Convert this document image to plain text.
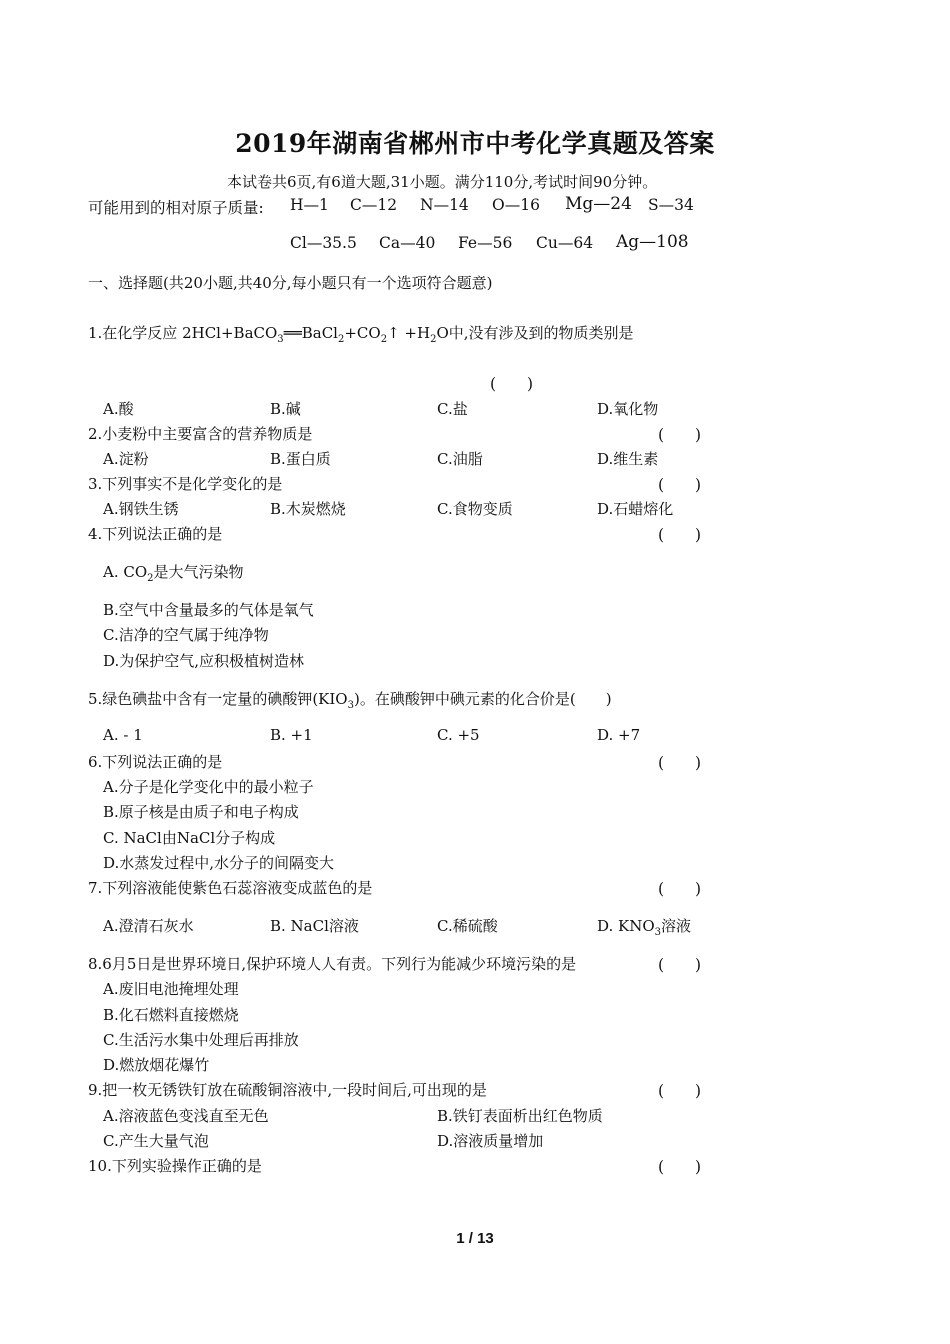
2019年湖南省郴州市中考化学真题及答案
本试卷共6页,有6道大题,31小题。满分110分,考试时间90分钟。
可能用到的相对原子质量: H—1 C—12 N—14 O—16 Mg—24 S—34
Cl—35.5 Ca—40 Fe—56 Cu—64 Ag—108
一、选择题(共20小题,共40分,每小题只有一个选项符合题意)
1.在化学反应 $2HCl+BaCO_3══BaCl_2+CO_2↑ +H_2O$中,没有涉及到的物质类别是
(　　)
A.酸	B.碱	C.盐	D.氧化物
2.小麦粉中主要富含的营养物质是	(　　)
A.淀粉	B.蛋白质	C.油脂	D.维生素
3.下列事实不是化学变化的是	(　　)
A.钢铁生锈	B.木炭燃烧	C.食物变质	D.石蜡熔化
4.下列说法正确的是	(　　)
A. $CO_2$是大气污染物
B.空气中含量最多的气体是氧气
C.洁净的空气属于纯净物
D.为保护空气,应积极植树造林
5.绿色碘盐中含有一定量的碘酸钾$(KIO_3)$。在碘酸钾中碘元素的化合价是(　　)
A. - 1	B. +1	C. +5	D. +7
6.下列说法正确的是	(　　)
A.分子是化学变化中的最小粒子
B.原子核是由质子和电子构成
C. NaCl由NaCl分子构成
D.水蒸发过程中,水分子的间隔变大
7.下列溶液能使紫色石蕊溶液变成蓝色的是	(　　)
A.澄清石灰水	B. NaCl溶液	C.稀硫酸	D. $KNO_3$溶液
8.6月5日是世界环境日,保护环境人人有责。下列行为能减少环境污染的是	(　　)
A.废旧电池掩埋处理
B.化石燃料直接燃烧
C.生活污水集中处理后再排放
D.燃放烟花爆竹
9.把一枚无锈铁钉放在硫酸铜溶液中,一段时间后,可出现的是	(　　)
A.溶液蓝色变浅直至无色	B.铁钉表面析出红色物质
C.产生大量气泡	D.溶液质量增加
10.下列实验操作正确的是	(　　)
1 / 13
